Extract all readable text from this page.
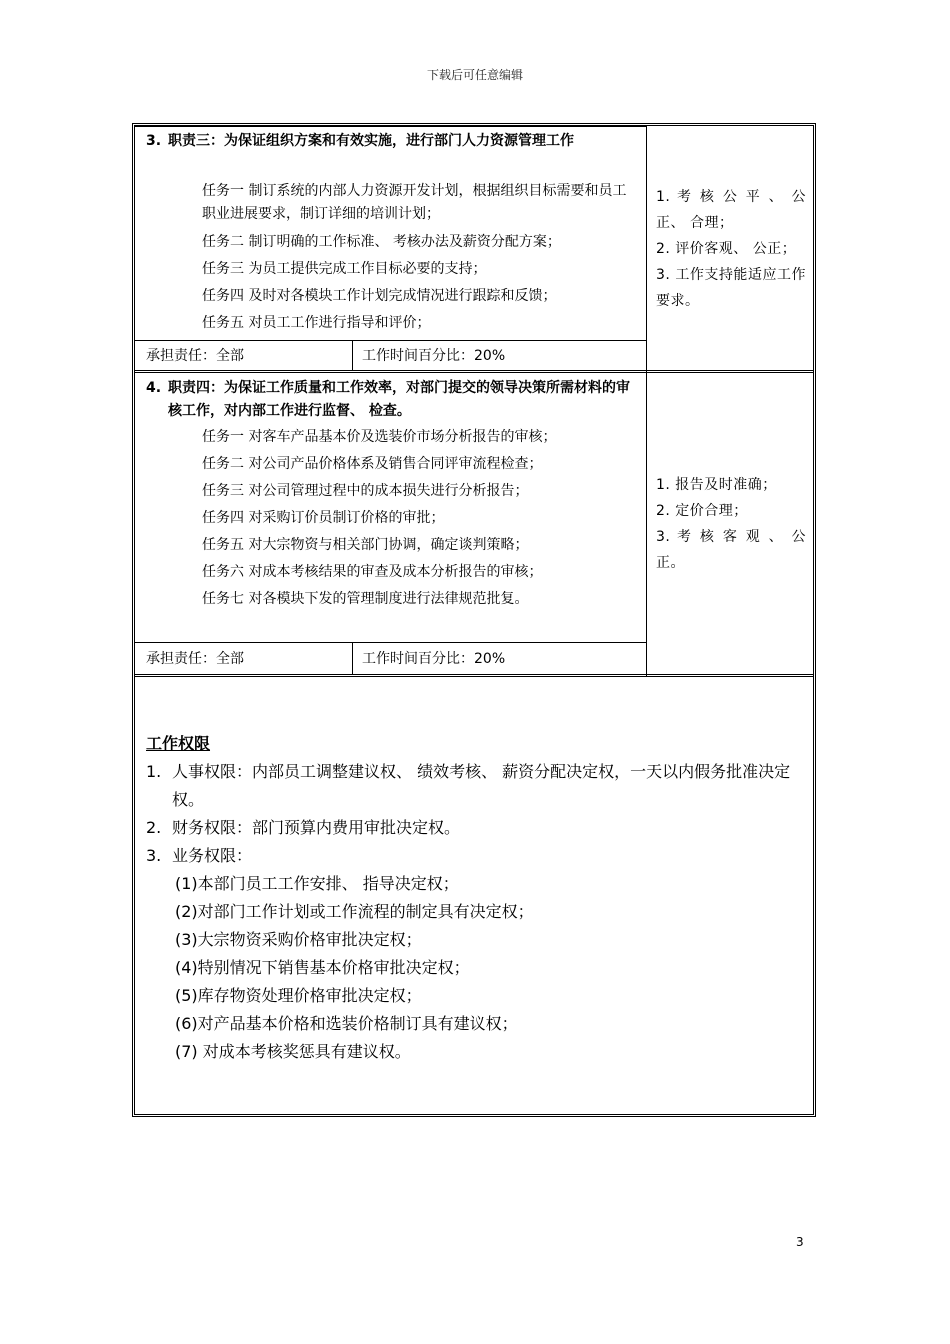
下载后可任意编辑
3. 职责三：为保证组织方案和有效实施，进行部门人力资源管理工作
任务一 制订系统的内部人力资源开发计划，根据组织目标需要和员工职业进展要求，制订详细的培训计划；
任务二 制订明确的工作标准、 考核办法及薪资分配方案；
任务三 为员工提供完成工作目标必要的支持；
任务四 及时对各模块工作计划完成情况进行跟踪和反馈；
任务五 对员工工作进行指导和评价；
承担责任：全部	工作时间百分比：20%
1. 考 核 公 平 、 公正、 合理；
2. 评价客观、 公正；
3. 工作支持能适应工作要求。
4. 职责四：为保证工作质量和工作效率，对部门提交的领导决策所需材料的审核工作，对内部工作进行监督、 检查。
任务一 对客车产品基本价及选装价市场分析报告的审核；
任务二 对公司产品价格体系及销售合同评审流程检查；
任务三 对公司管理过程中的成本损失进行分析报告；
任务四 对采购订价员制订价格的审批；
任务五 对大宗物资与相关部门协调，确定谈判策略；
任务六 对成本考核结果的审查及成本分析报告的审核；
任务七 对各模块下发的管理制度进行法律规范批复。
承担责任：全部	工作时间百分比：20%
1. 报告及时准确；
2. 定价合理；
3. 考 核 客 观 、 公正。
工作权限
1. 人事权限：内部员工调整建议权、 绩效考核、 薪资分配决定权，一天以内假务批准决定权。
2. 财务权限：部门预算内费用审批决定权。
3. 业务权限：
(1)本部门员工工作安排、 指导决定权；
(2)对部门工作计划或工作流程的制定具有决定权；
(3)大宗物资采购价格审批决定权；
(4)特别情况下销售基本价格审批决定权；
(5)库存物资处理价格审批决定权；
(6)对产品基本价格和选装价格制订具有建议权；
(7) 对成本考核奖惩具有建议权。
3
